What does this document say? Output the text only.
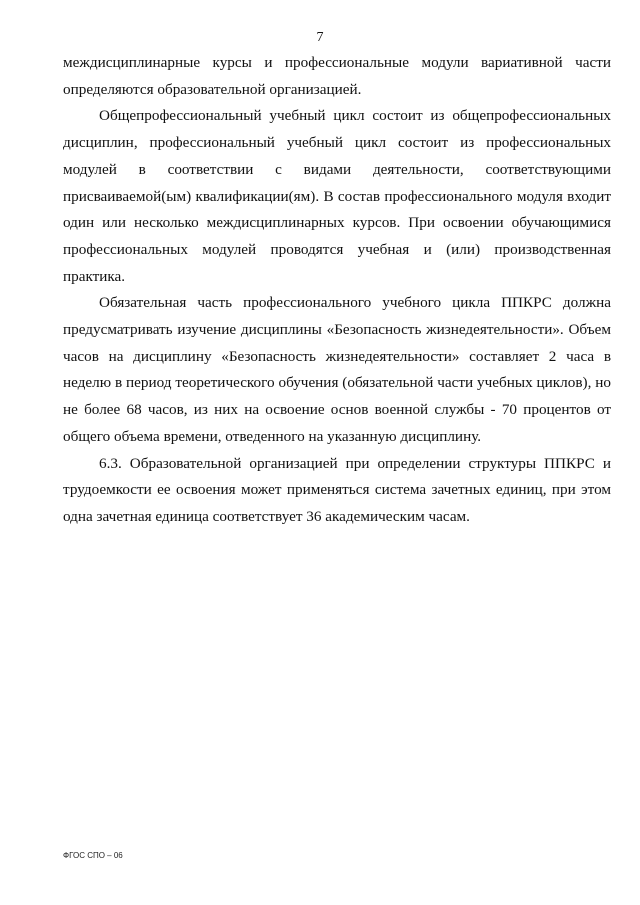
7

междисциплинарные курсы и профессиональные модули вариативной части определяются образовательной организацией.

Общепрофессиональный учебный цикл состоит из общепрофессиональных дисциплин, профессиональный учебный цикл состоит из профессиональных модулей в соответствии с видами деятельности, соответствующими присваиваемой(ым) квалификации(ям). В состав профессионального модуля входит один или несколько междисциплинарных курсов. При освоении обучающимися профессиональных модулей проводятся учебная и (или) производственная практика.

Обязательная часть профессионального учебного цикла ППКРС должна предусматривать изучение дисциплины «Безопасность жизнедеятельности». Объем часов на дисциплину «Безопасность жизнедеятельности» составляет 2 часа в неделю в период теоретического обучения (обязательной части учебных циклов), но не более 68 часов, из них на освоение основ военной службы - 70 процентов от общего объема времени, отведенного на указанную дисциплину.

6.3. Образовательной организацией при определении структуры ППКРС и трудоемкости ее освоения может применяться система зачетных единиц, при этом одна зачетная единица соответствует 36 академическим часам.

ФГОС СПО – 06
